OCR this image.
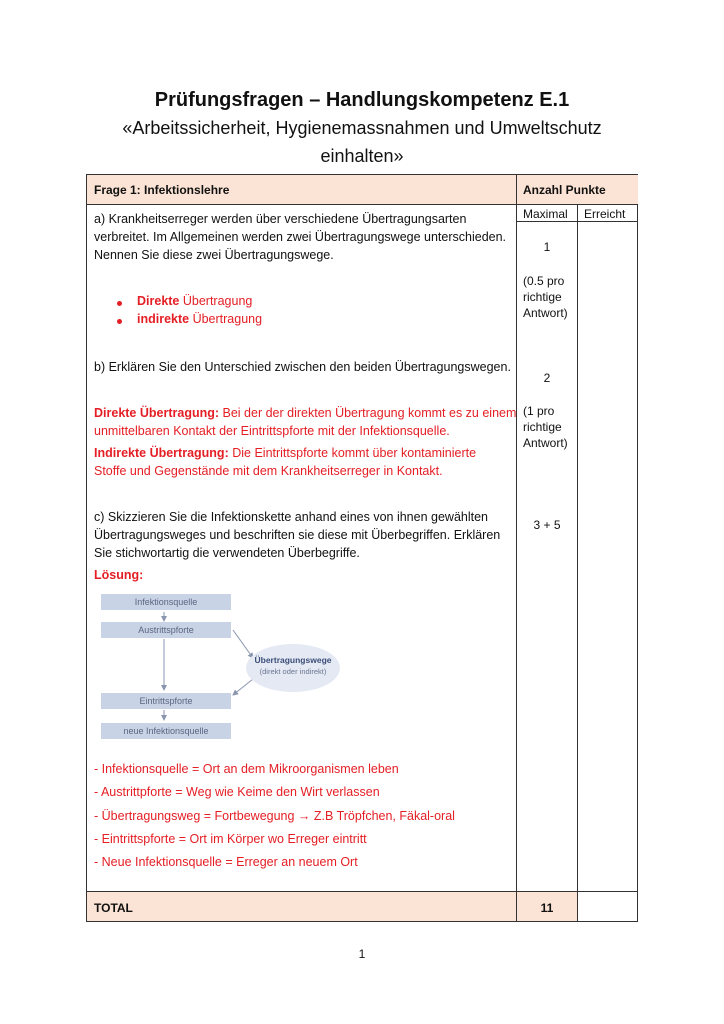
Prüfungsfragen – Handlungskompetenz E.1
«Arbeitssicherheit, Hygienemassnahmen und Umweltschutz
einhalten»
Frage 1: Infektionslehre	Anzahl Punkte
Maximal Erreicht
a) Krankheitserreger werden über verschiedene Übertragungsarten
verbreitet. Im Allgemeinen werden zwei Übertragungswege unterschieden.
Nennen Sie diese zwei Übertragungswege.
Direkte Übertragung
indirekte Übertragung
1
(0.5 pro
richtige
Antwort)
b) Erklären Sie den Unterschied zwischen den beiden Übertragungswegen.
Direkte Übertragung: Bei der der direkten Übertragung kommt es zu einem
unmittelbaren Kontakt der Eintrittspforte mit der Infektionsquelle.
Indirekte Übertragung: Die Eintrittspforte kommt über kontaminierte
Stoffe und Gegenstände mit dem Krankheitserreger in Kontakt.
2
(1 pro
richtige
Antwort)
c) Skizzieren Sie die Infektionskette anhand eines von ihnen gewählten
Übertragungsweges und beschriften sie diese mit Überbegriffen. Erklären
Sie stichwortartig die verwendeten Überbegriffe.
Lösung:
3 + 5
Infektionsquelle
Austrittspforte
Eintrittspforte
neue Infektionsquelle
Übertragungswege
(direkt oder indirekt)
- Infektionsquelle = Ort an dem Mikroorganismen leben
- Austrittpforte = Weg wie Keime den Wirt verlassen
- Übertragungsweg = Fortbewegung → Z.B Tröpfchen, Fäkal-oral
- Eintrittspforte = Ort im Körper wo Erreger eintritt
- Neue Infektionsquelle = Erreger an neuem Ort
TOTAL	11
1
